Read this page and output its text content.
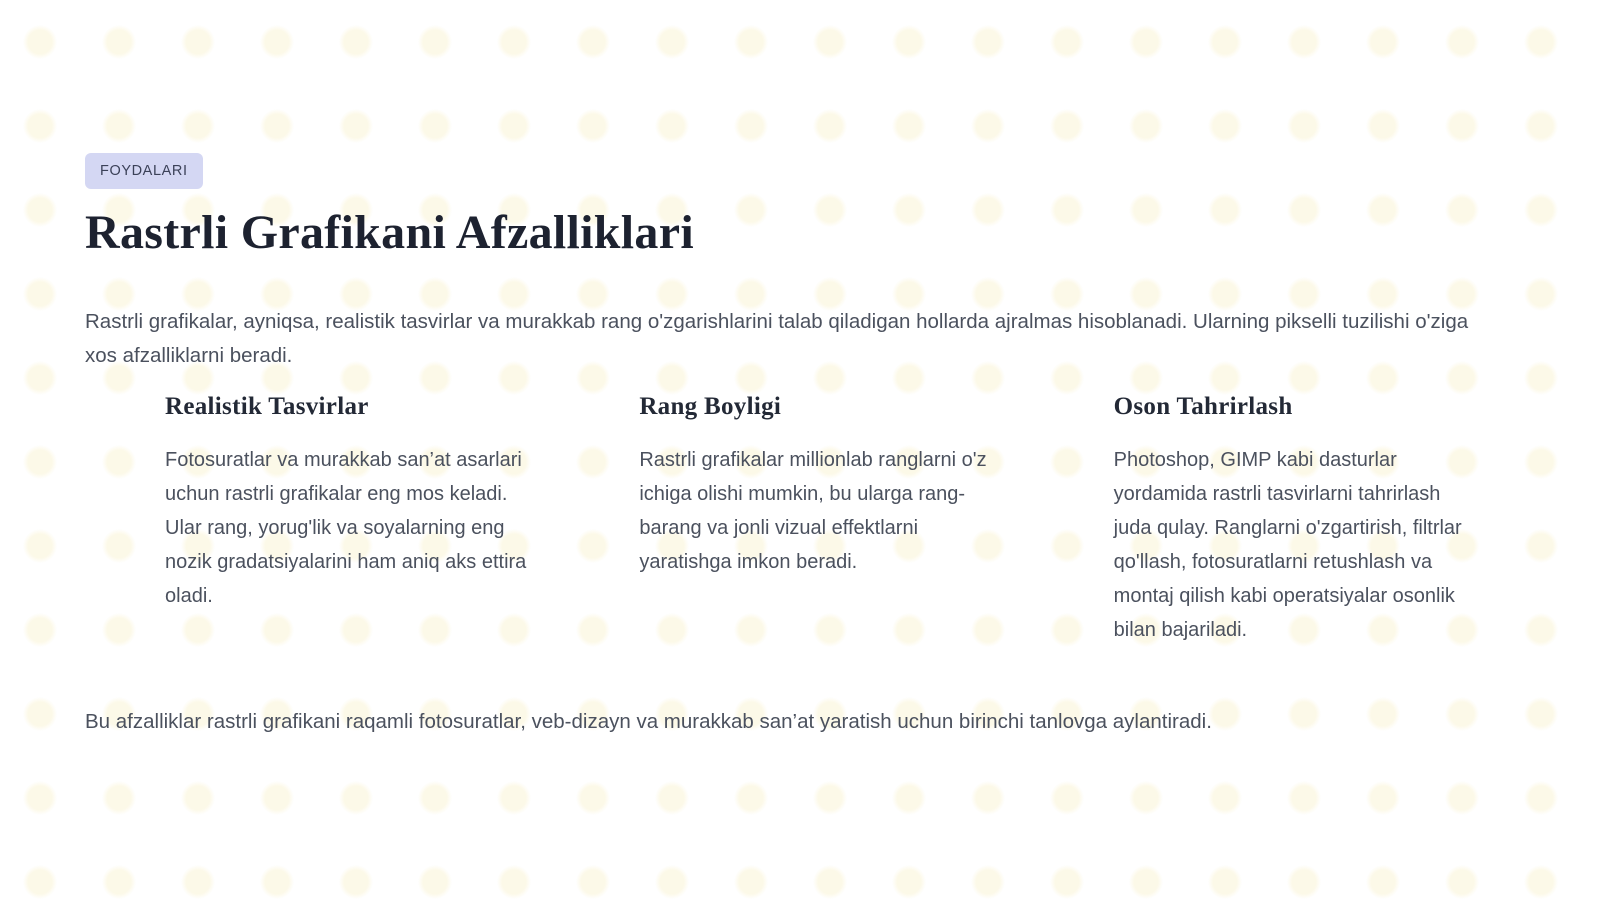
FOYDALARI
Rastrli Grafikani Afzalliklari

Rastrli grafikalar, ayniqsa, realistik tasvirlar va murakkab rang o'zgarishlarini talab qiladigan hollarda ajralmas hisoblanadi. Ularning pikselli tuzilishi o'ziga xos afzalliklarni beradi.

Realistik Tasvirlar

Fotosuratlar va murakkab san’at asarlari uchun rastrli grafikalar eng mos keladi. Ular rang, yorug'lik va soyalarning eng nozik gradatsiyalarini ham aniq aks ettira oladi.

Rang Boyligi

Rastrli grafikalar millionlab ranglarni o'z ichiga olishi mumkin, bu ularga rang-barang va jonli vizual effektlarni yaratishga imkon beradi.

Oson Tahrirlash

Photoshop, GIMP kabi dasturlar yordamida rastrli tasvirlarni tahrirlash juda qulay. Ranglarni o'zgartirish, filtrlar qo'llash, fotosuratlarni retushlash va montaj qilish kabi operatsiyalar osonlik bilan bajariladi.

Bu afzalliklar rastrli grafikani raqamli fotosuratlar, veb-dizayn va murakkab san’at yaratish uchun birinchi tanlovga aylantiradi.
